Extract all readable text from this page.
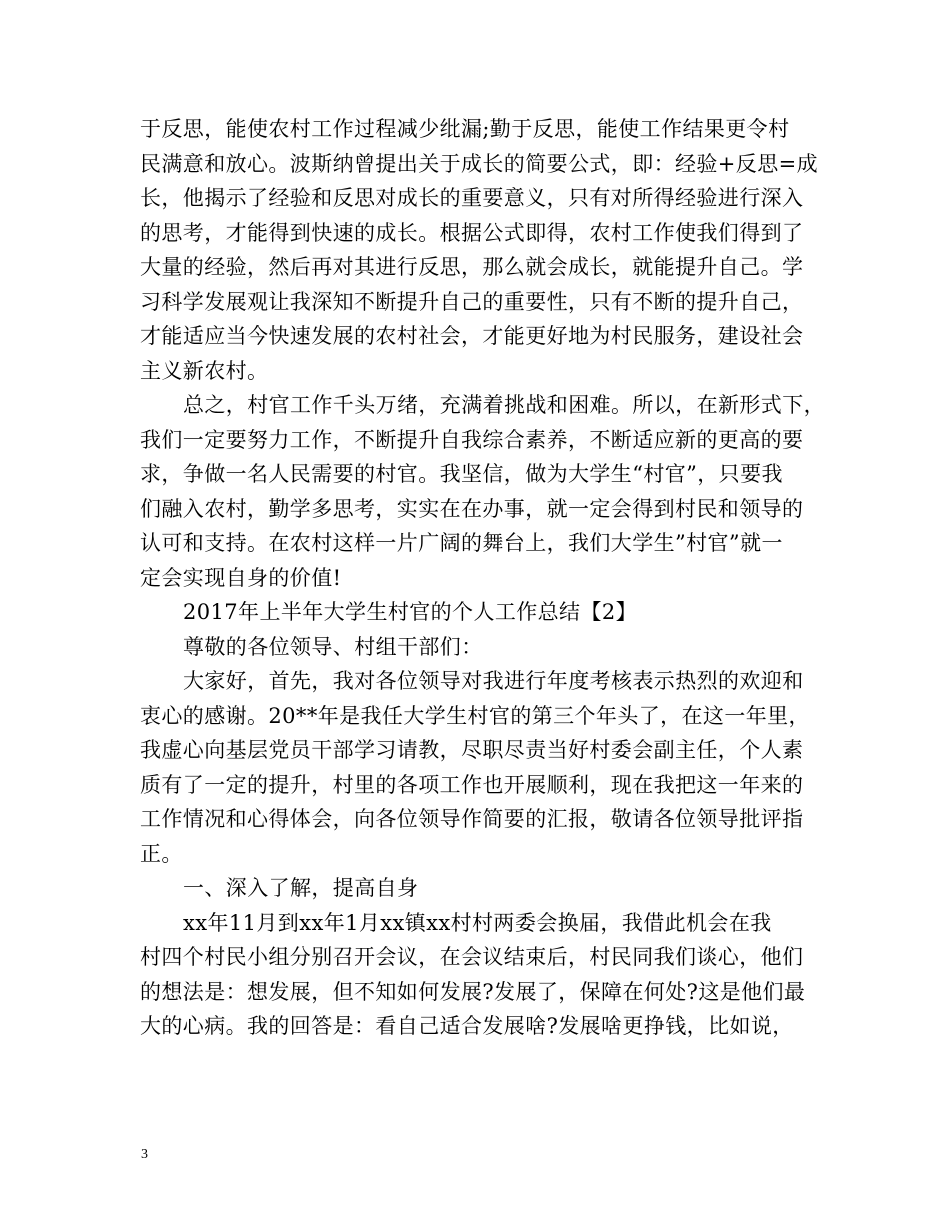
于反思，能使农村工作过程减少纰漏;勤于反思，能使工作结果更令村
民满意和放心。波斯纳曾提出关于成长的简要公式，即：经验+反思=成
长，他揭示了经验和反思对成长的重要意义，只有对所得经验进行深入
的思考，才能得到快速的成长。根据公式即得，农村工作使我们得到了
大量的经验，然后再对其进行反思，那么就会成长，就能提升自己。学
习科学发展观让我深知不断提升自己的重要性，只有不断的提升自己，
才能适应当今快速发展的农村社会，才能更好地为村民服务，建设社会
主义新农村。
总之，村官工作千头万绪，充满着挑战和困难。所以，在新形式下，
我们一定要努力工作，不断提升自我综合素养，不断适应新的更高的要
求，争做一名人民需要的村官。我坚信，做为大学生“村官”，只要我
们融入农村，勤学多思考，实实在在办事，就一定会得到村民和领导的
认可和支持。在农村这样一片广阔的舞台上，我们大学生”村官”就一
定会实现自身的价值!
2017年上半年大学生村官的个人工作总结【2】
尊敬的各位领导、村组干部们：
大家好，首先，我对各位领导对我进行年度考核表示热烈的欢迎和
衷心的感谢。20**年是我任大学生村官的第三个年头了，在这一年里，
我虚心向基层党员干部学习请教，尽职尽责当好村委会副主任，个人素
质有了一定的提升，村里的各项工作也开展顺利，现在我把这一年来的
工作情况和心得体会，向各位领导作简要的汇报，敬请各位领导批评指
正。
一、深入了解，提高自身
xx年11月到xx年1月xx镇xx村村两委会换届，我借此机会在我
村四个村民小组分别召开会议，在会议结束后，村民同我们谈心，他们
的想法是：想发展，但不知如何发展?发展了，保障在何处?这是他们最
大的心病。我的回答是：看自己适合发展啥?发展啥更挣钱，比如说，
3
